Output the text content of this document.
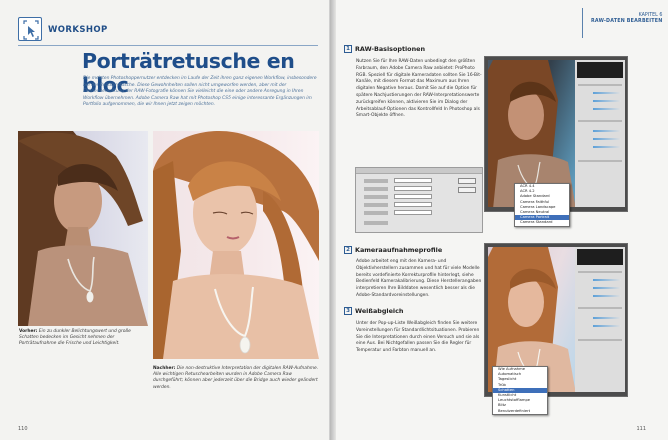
WORKSHOP
Porträtretusche en bloc
Die meisten Photoshoppernutzer entdecken im Laufe der Zeit ihren ganz eigenen Workflow, insbesondere bei der Beautyretusche. Diese Gewohnheiten sollen nicht umgeworfen werden, aber mit der Ebenenverwaltung der RAW-Fotografie können Sie vielleicht die eine oder andere Anregung in Ihren Workflow übernehmen. Adobe Camera Raw hat mit Photoshop CS5 einige interessante Ergänzungen im Portfolio aufgenommen, die wir Ihnen jetzt zeigen möchten.
Vorher: Ein zu dunkler Belichtungswert und große Schatten bedecken im Gesicht nehmen der Porträtaufnahme die Frische und Leichtigkeit.
Nachher: Die non-destruktive Interpretation der digitalen RAW-Aufnahme. Alle wichtigen Retuschearbeiten wurden in Adobe Camera Raw durchgeführt; können aber jederzeit über die Bridge auch wieder geändert werden.
110
KAPITEL 6
RAW-DATEN BEARBEITEN
1 RAW-Basisoptionen
Nutzen Sie für Ihre RAW-Daten unbedingt den größten Farbraum, den Adobe Camera Raw anbietet: ProPhoto RGB. Speziell für digitale Kameradaten sollten Sie 16-Bit-Kanäle, mit diesem Format das Maximum aus Ihren digitalen Negative heraus. Damit Sie auf die Option für spätere Nachjustierungen der RAW-Interpretationswerte zurückgreifen können, aktivieren Sie im Dialog der Arbeitsablauf-Optionen das Kontrollfeld In Photoshop als Smart-Objekte öffnen.
ACR 4.4
ACR 4.2
Adobe Standard
Camera Faithful
Camera Landscape
Camera Neutral
Camera Portrait
Camera Standard
2 Kameraaufnahmeprofile
Adobe arbeitet eng mit den Kamera- und Objektivherstellern zusammen und hat für viele Modelle bereits vordefinierte Korrekturprofile hinterlegt, siehe Bedienfeld Kamerakalibrierung. Diese Herstellerangaben interpretieren Ihre Bilddaten wesentlich besser als die Adobe-Standardvoreinstellungen.
3 Weißabgleich
Unter der Pop-up-Liste Weißabgleich finden Sie weitere Voreinstellungen für Standardlichtsituationen. Probieren Sie die Interpretationen durch einen Versuch und sie als eine Aus. Bei Nichtgefallen passen Sie die Regler für Temperatur und Farbton manuell an.
Wie Aufnahme
Automatisch
Tageslicht
Trüb
Schatten
Kunstlicht
Leuchtstofflampe
Blitz
Benutzerdefiniert
111
